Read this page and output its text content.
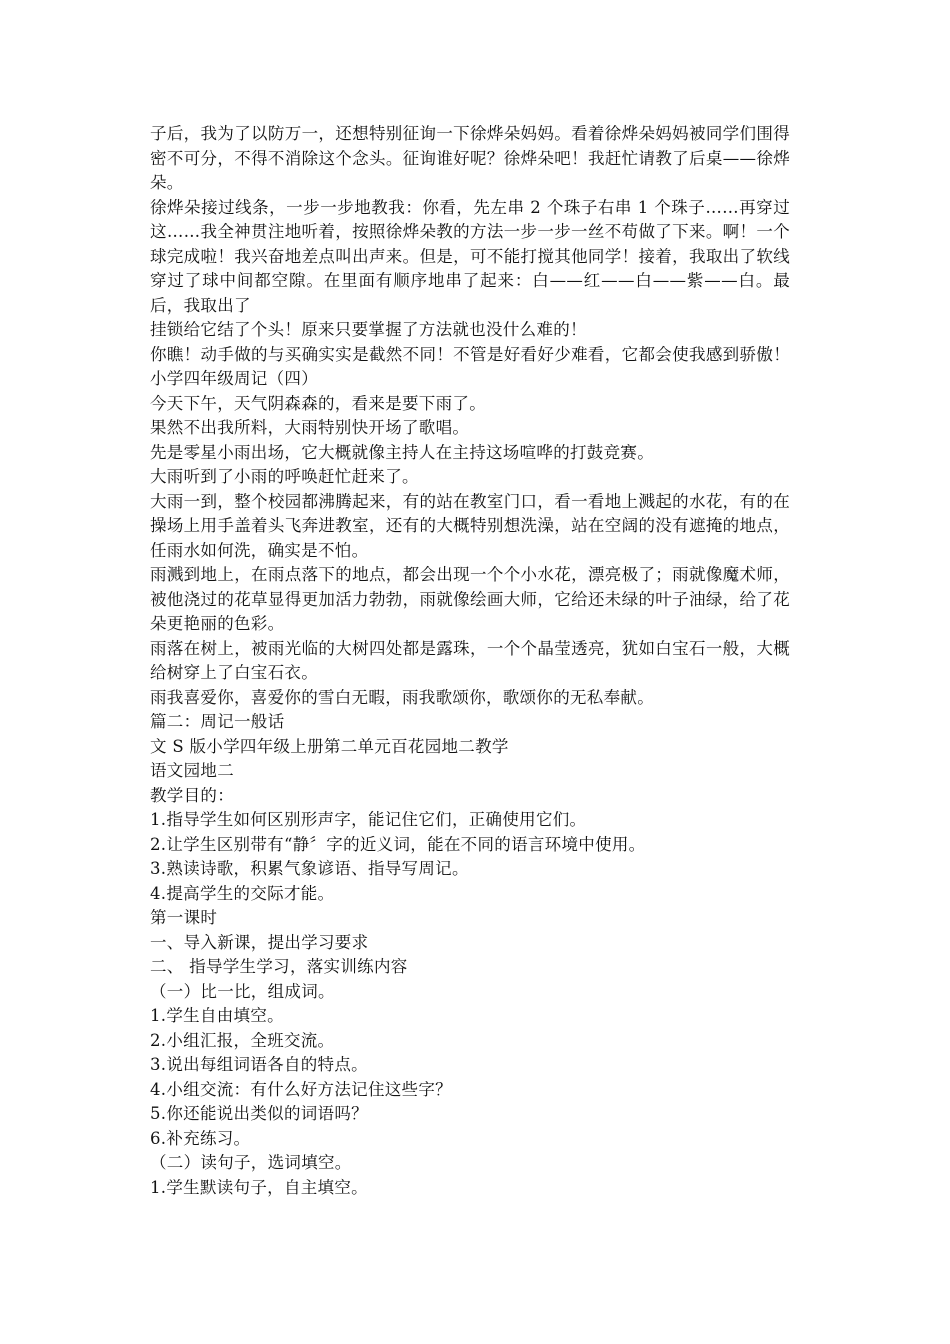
子后，我为了以防万一，还想特别征询一下徐烨朵妈妈。看着徐烨朵妈妈被同学们围得密不可分，不得不消除这个念头。征询谁好呢？徐烨朵吧！我赶忙请教了后桌——徐烨朵。

徐烨朵接过线条，一步一步地教我：你看，先左串 2 个珠子右串 1 个珠子……再穿过这……我全神贯注地听着，按照徐烨朵教的方法一步一步一丝不苟做了下来。啊！一个球完成啦！我兴奋地差点叫出声来。但是，可不能打搅其他同学！接着，我取出了软线穿过了球中间都空隙。在里面有顺序地串了起来：白——红——白——紫——白。最后，我取出了

挂锁给它结了个头！原来只要掌握了方法就也没什么难的！

你瞧！动手做的与买确实实是截然不同！不管是好看好少难看，它都会使我感到骄傲！小学四年级周记（四）

今天下午，天气阴森森的，看来是要下雨了。

果然不出我所料，大雨特别快开场了歌唱。

先是零星小雨出场，它大概就像主持人在主持这场喧哗的打鼓竞赛。

大雨听到了小雨的呼唤赶忙赶来了。

大雨一到，整个校园都沸腾起来，有的站在教室门口，看一看地上溅起的水花，有的在操场上用手盖着头飞奔进教室，还有的大概特别想洗澡，站在空阔的没有遮掩的地点，任雨水如何洗，确实是不怕。

雨溅到地上，在雨点落下的地点，都会出现一个个小水花，漂亮极了；雨就像魔术师，被他浇过的花草显得更加活力勃勃，雨就像绘画大师，它给还未绿的叶子油绿，给了花朵更艳丽的色彩。

雨落在树上，被雨光临的大树四处都是露珠，一个个晶莹透亮，犹如白宝石一般，大概给树穿上了白宝石衣。

雨我喜爱你，喜爱你的雪白无暇，雨我歌颂你，歌颂你的无私奉献。

篇二：周记一般话

文 S 版小学四年级上册第二单元百花园地二教学

语文园地二

教学目的：

1.指导学生如何区别形声字，能记住它们，正确使用它们。

2.让学生区别带有“静〞字的近义词，能在不同的语言环境中使用。

3.熟读诗歌，积累气象谚语、指导写周记。

4.提高学生的交际才能。

第一课时

一、导入新课，提出学习要求

二、 指导学生学习，落实训练内容

（一）比一比，组成词。

1.学生自由填空。

2.小组汇报，全班交流。

3.说出每组词语各自的特点。

4.小组交流：有什么好方法记住这些字？

5.你还能说出类似的词语吗？

6.补充练习。

（二）读句子，选词填空。

1.学生默读句子，自主填空。
